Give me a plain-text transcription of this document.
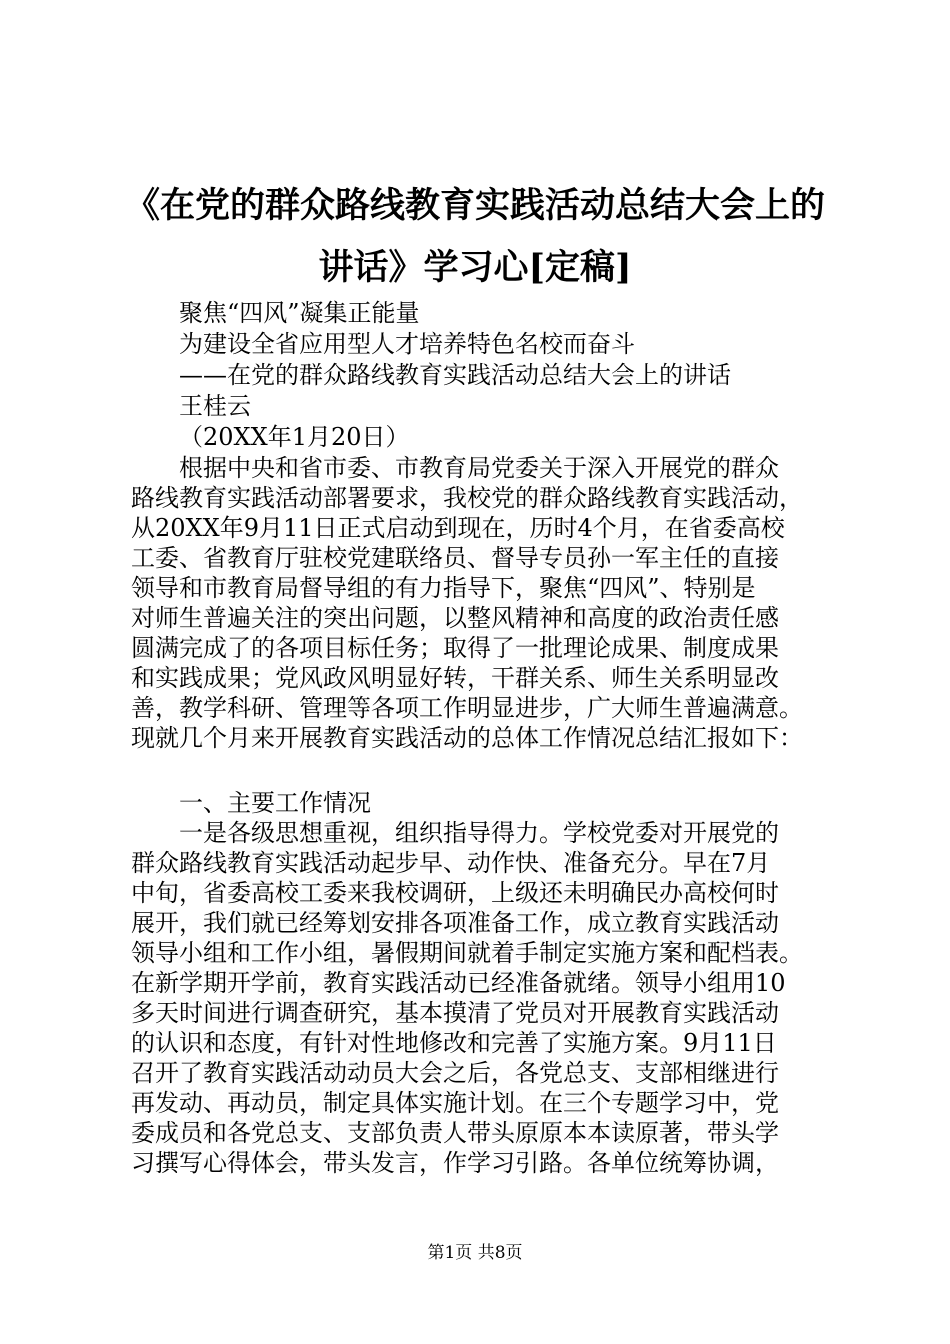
《在党的群众路线教育实践活动总结大会上的
讲话》学习心[定稿]
聚焦“四风”凝集正能量
为建设全省应用型人才培养特色名校而奋斗
——在党的群众路线教育实践活动总结大会上的讲话
王桂云
（20XX年1月20日）
　　根据中央和省市委、市教育局党委关于深入开展党的群众
路线教育实践活动部署要求，我校党的群众路线教育实践活动，
从20XX年9月11日正式启动到现在，历时4个月，在省委高校
工委、省教育厅驻校党建联络员、督导专员孙一军主任的直接
领导和市教育局督导组的有力指导下，聚焦“四风”、特别是
对师生普遍关注的突出问题，以整风精神和高度的政治责任感
圆满完成了的各项目标任务；取得了一批理论成果、制度成果
和实践成果；党风政风明显好转，干群关系、师生关系明显改
善，教学科研、管理等各项工作明显进步，广大师生普遍满意。
现就几个月来开展教育实践活动的总体工作情况总结汇报如下：
一、主要工作情况
　　一是各级思想重视，组织指导得力。学校党委对开展党的
群众路线教育实践活动起步早、动作快、准备充分。早在7月
中旬，省委高校工委来我校调研，上级还未明确民办高校何时
展开，我们就已经筹划安排各项准备工作，成立教育实践活动
领导小组和工作小组，暑假期间就着手制定实施方案和配档表。
在新学期开学前，教育实践活动已经准备就绪。领导小组用10
多天时间进行调查研究，基本摸清了党员对开展教育实践活动
的认识和态度，有针对性地修改和完善了实施方案。9月11日
召开了教育实践活动动员大会之后，各党总支、支部相继进行
再发动、再动员，制定具体实施计划。在三个专题学习中，党
委成员和各党总支、支部负责人带头原原本本读原著，带头学
习撰写心得体会，带头发言，作学习引路。各单位统筹协调，
第1页 共8页
